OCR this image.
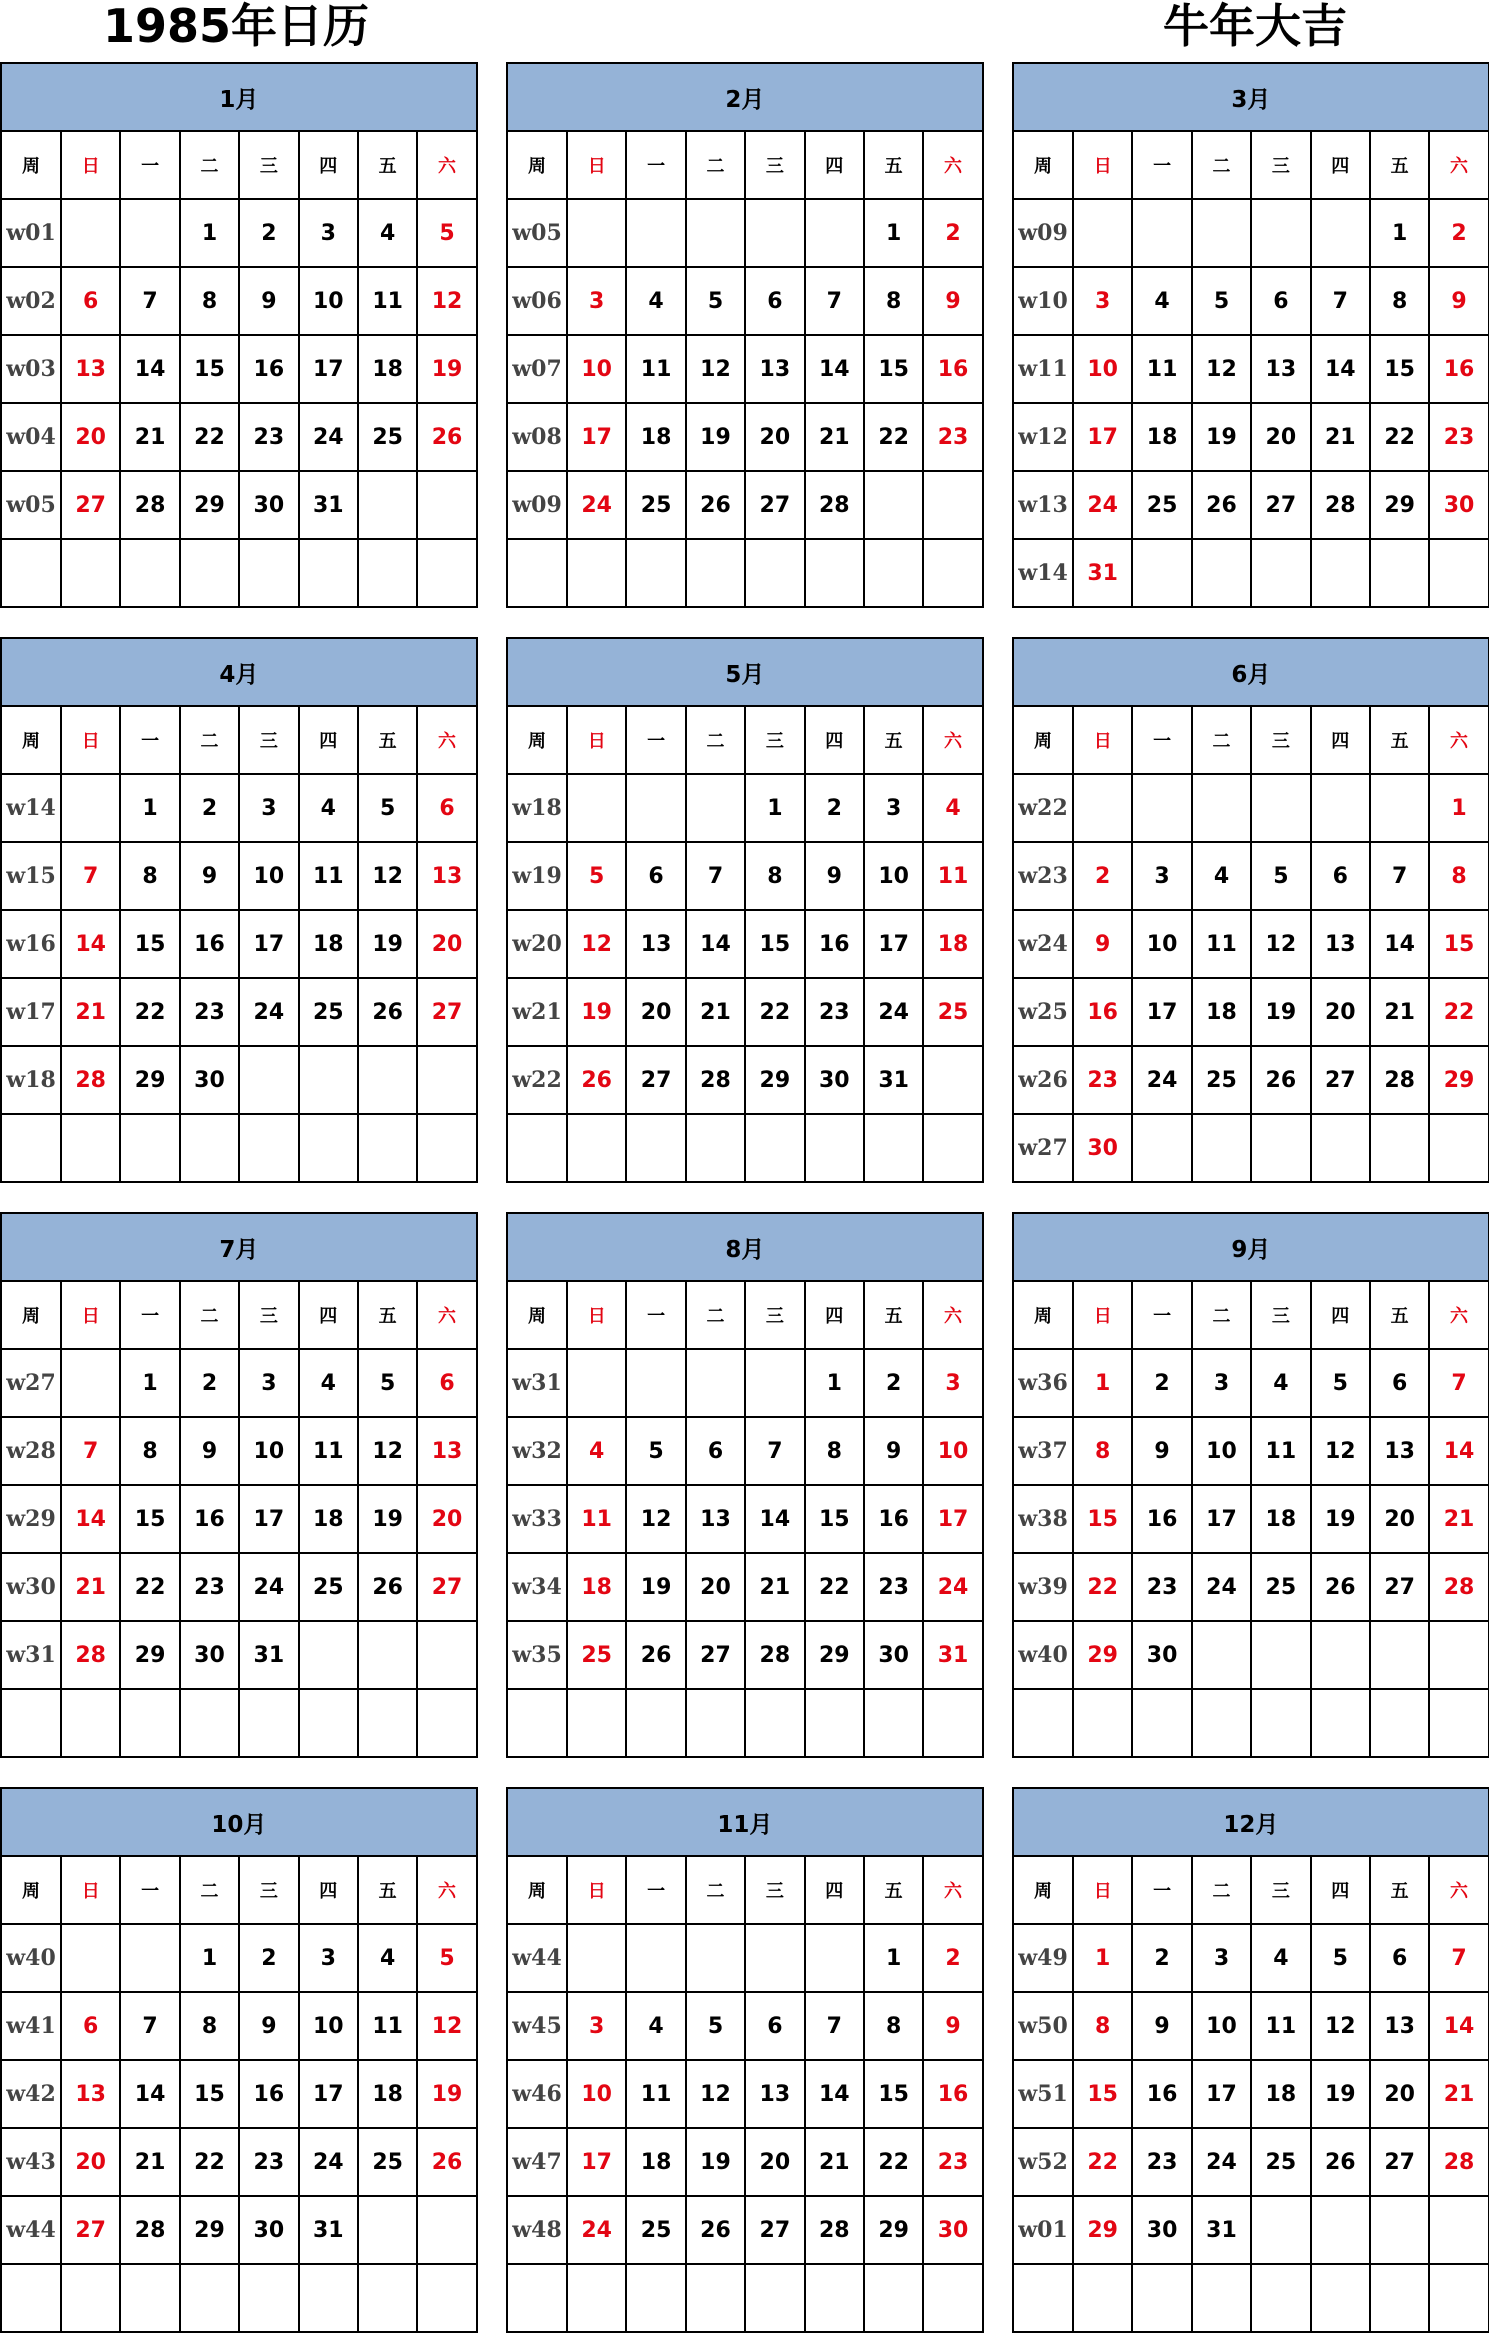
1985年日历	牛年大吉
1月							
周	日	一	二	三	四	五	六
w01			1	2	3	4	5
w02	6	7	8	9	10	11	12
w03	13	14	15	16	17	18	19
w04	20	21	22	23	24	25	26
w05	27	28	29	30	31		

2月							
周	日	一	二	三	四	五	六
w05						1	2
w06	3	4	5	6	7	8	9
w07	10	11	12	13	14	15	16
w08	17	18	19	20	21	22	23
w09	24	25	26	27	28		

3月							
周	日	一	二	三	四	五	六
w09						1	2
w10	3	4	5	6	7	8	9
w11	10	11	12	13	14	15	16
w12	17	18	19	20	21	22	23
w13	24	25	26	27	28	29	30
w14	31						
4月							
周	日	一	二	三	四	五	六
w14		1	2	3	4	5	6
w15	7	8	9	10	11	12	13
w16	14	15	16	17	18	19	20
w17	21	22	23	24	25	26	27
w18	28	29	30				

5月							
周	日	一	二	三	四	五	六
w18				1	2	3	4
w19	5	6	7	8	9	10	11
w20	12	13	14	15	16	17	18
w21	19	20	21	22	23	24	25
w22	26	27	28	29	30	31	

6月							
周	日	一	二	三	四	五	六
w22							1
w23	2	3	4	5	6	7	8
w24	9	10	11	12	13	14	15
w25	16	17	18	19	20	21	22
w26	23	24	25	26	27	28	29
w27	30						
7月							
周	日	一	二	三	四	五	六
w27		1	2	3	4	5	6
w28	7	8	9	10	11	12	13
w29	14	15	16	17	18	19	20
w30	21	22	23	24	25	26	27
w31	28	29	30	31			

8月							
周	日	一	二	三	四	五	六
w31					1	2	3
w32	4	5	6	7	8	9	10
w33	11	12	13	14	15	16	17
w34	18	19	20	21	22	23	24
w35	25	26	27	28	29	30	31

9月							
周	日	一	二	三	四	五	六
w36	1	2	3	4	5	6	7
w37	8	9	10	11	12	13	14
w38	15	16	17	18	19	20	21
w39	22	23	24	25	26	27	28
w40	29	30					

10月							
周	日	一	二	三	四	五	六
w40			1	2	3	4	5
w41	6	7	8	9	10	11	12
w42	13	14	15	16	17	18	19
w43	20	21	22	23	24	25	26
w44	27	28	29	30	31		

11月							
周	日	一	二	三	四	五	六
w44						1	2
w45	3	4	5	6	7	8	9
w46	10	11	12	13	14	15	16
w47	17	18	19	20	21	22	23
w48	24	25	26	27	28	29	30

12月							
周	日	一	二	三	四	五	六
w49	1	2	3	4	5	6	7
w50	8	9	10	11	12	13	14
w51	15	16	17	18	19	20	21
w52	22	23	24	25	26	27	28
w01	29	30	31				
